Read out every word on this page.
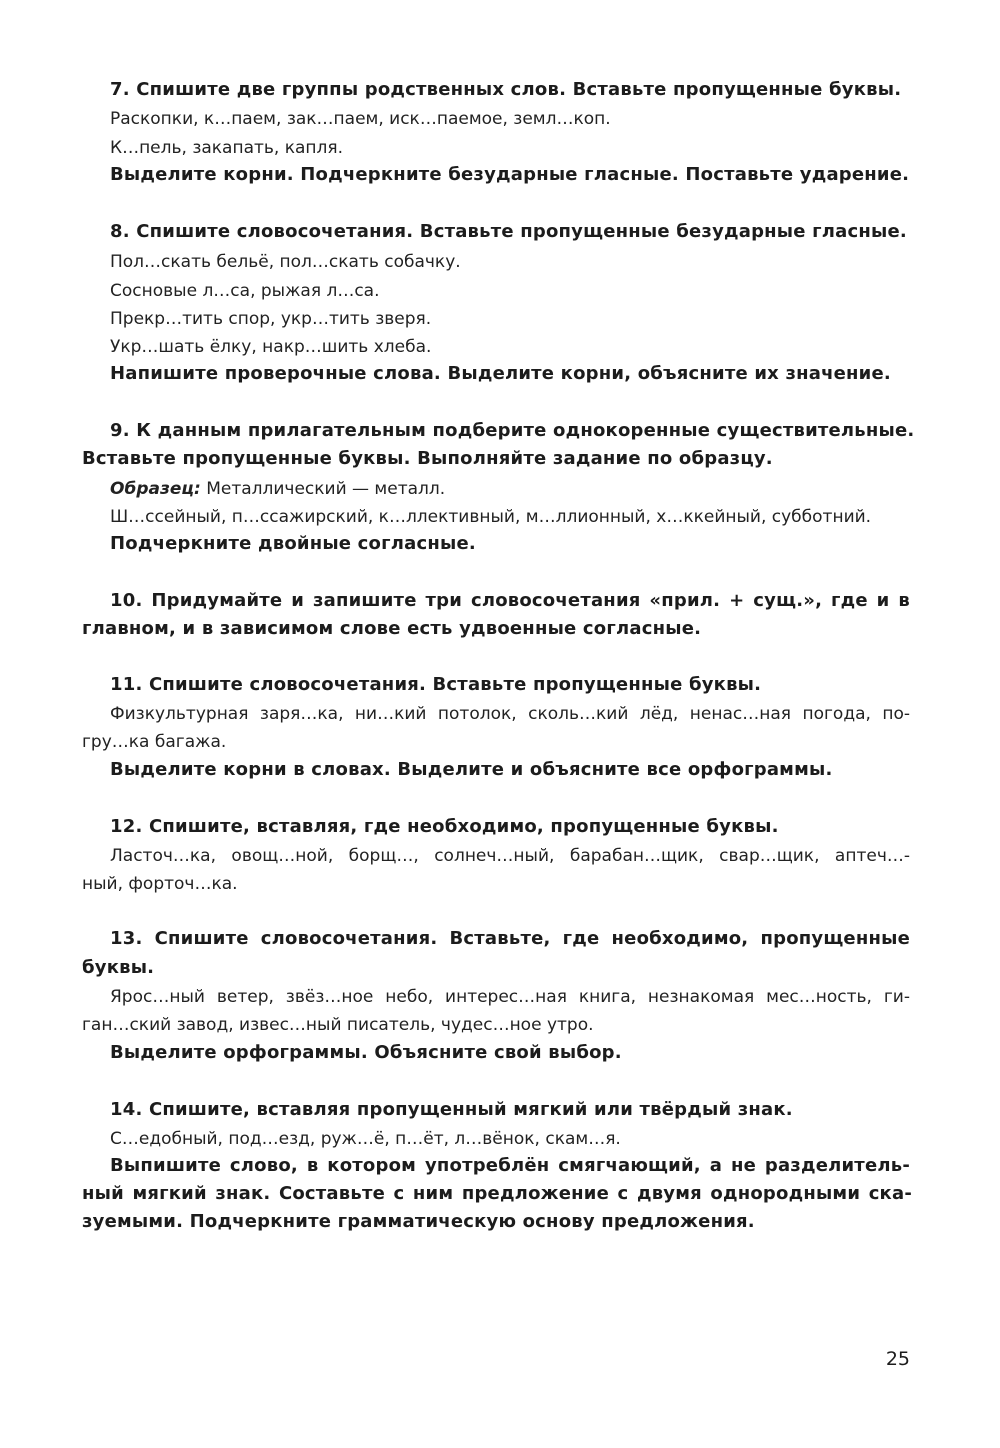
7. Спишите две группы родственных слов. Вставьте пропущенные буквы.
Раскопки, к…паем, зак…паем, иск…паемое, земл…коп.
К…пель, закапать, капля.
Выделите корни. Подчеркните безударные гласные. Поставьте ударение.
8. Спишите словосочетания. Вставьте пропущенные безударные гласные.
Пол…скать бельё, пол…скать собачку.
Сосновые л…са, рыжая л…са.
Прекр…тить спор, укр…тить зверя.
Укр…шать ёлку, накр…шить хлеба.
Напишите проверочные слова. Выделите корни, объясните их значение.
9. К данным прилагательным подберите однокоренные существительные.
Вставьте пропущенные буквы. Выполняйте задание по образцу.
Образец: Металлический — металл.
Ш…ссейный, п…ссажирский, к…ллективный, м…ллионный, х…ккейный, субботний.
Подчеркните двойные согласные.
10. Придумайте и запишите три словосочетания «прил. + сущ.», где и в
главном, и в зависимом слове есть удвоенные согласные.
11. Спишите словосочетания. Вставьте пропущенные буквы.
Физкультурная заря…ка, ни…кий потолок, сколь…кий лёд, ненас…ная погода, по-
гру…ка багажа.
Выделите корни в словах. Выделите и объясните все орфограммы.
12. Спишите, вставляя, где необходимо, пропущенные буквы.
Ласточ…ка, овощ…ной, борщ…, солнеч…ный, барабан…щик, свар…щик, аптеч…-
ный, форточ…ка.
13. Спишите словосочетания. Вставьте, где необходимо, пропущенные
буквы.
Ярос…ный ветер, звёз…ное небо, интерес…ная книга, незнакомая мес…ность, ги-
ган…ский завод, извес…ный писатель, чудес…ное утро.
Выделите орфограммы. Объясните свой выбор.
14. Спишите, вставляя пропущенный мягкий или твёрдый знак.
С…едобный, под…езд, руж…ё, п…ёт, л…вёнок, скам…я.
Выпишите слово, в котором употреблён смягчающий, а не разделитель-
ный мягкий знак. Составьте с ним предложение с двумя однородными ска-
зуемыми. Подчеркните грамматическую основу предложения.
25
